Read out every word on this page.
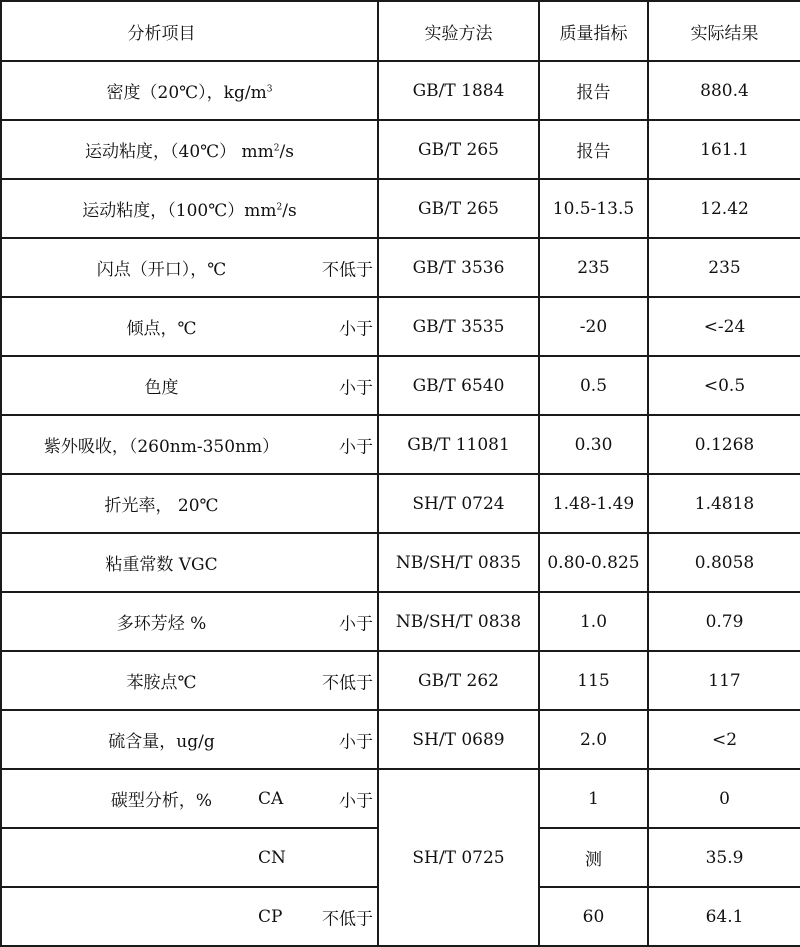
分析项目	实验方法	质量指标	实际结果
密度（20℃），$kg/m^3$	GB/T 1884	报告	880.4
运动粘度，（40℃） $mm^2/s$	GB/T 265	报告	161.1
运动粘度，$(100℃)mm^2/s$	GB/T 265	10.5-13.5	12.42
闪点（开口），℃ 不低于	GB/T 3536	235	235
倾点，℃ 小于	GB/T 3535	-20	<-24
色度 小于	GB/T 6540	0.5	<0.5
紫外吸收，（260nm-350nm） 小于	GB/T 11081	0.30	0.1268
折光率， 20℃	SH/T 0724	1.48-1.49	1.4818
粘重常数 VGC	NB/SH/T 0835	0.80-0.825	0.8058
多环芳烃 % 小于	NB/SH/T 0838	1.0	0.79
苯胺点℃ 不低于	GB/T 262	115	117
硫含量，ug/g 小于	SH/T 0689	2.0	<2
碳型分析，% CA 小于	SH/T 0725	1	0

CN		测	35.9

CP 不低于		60	64.1
